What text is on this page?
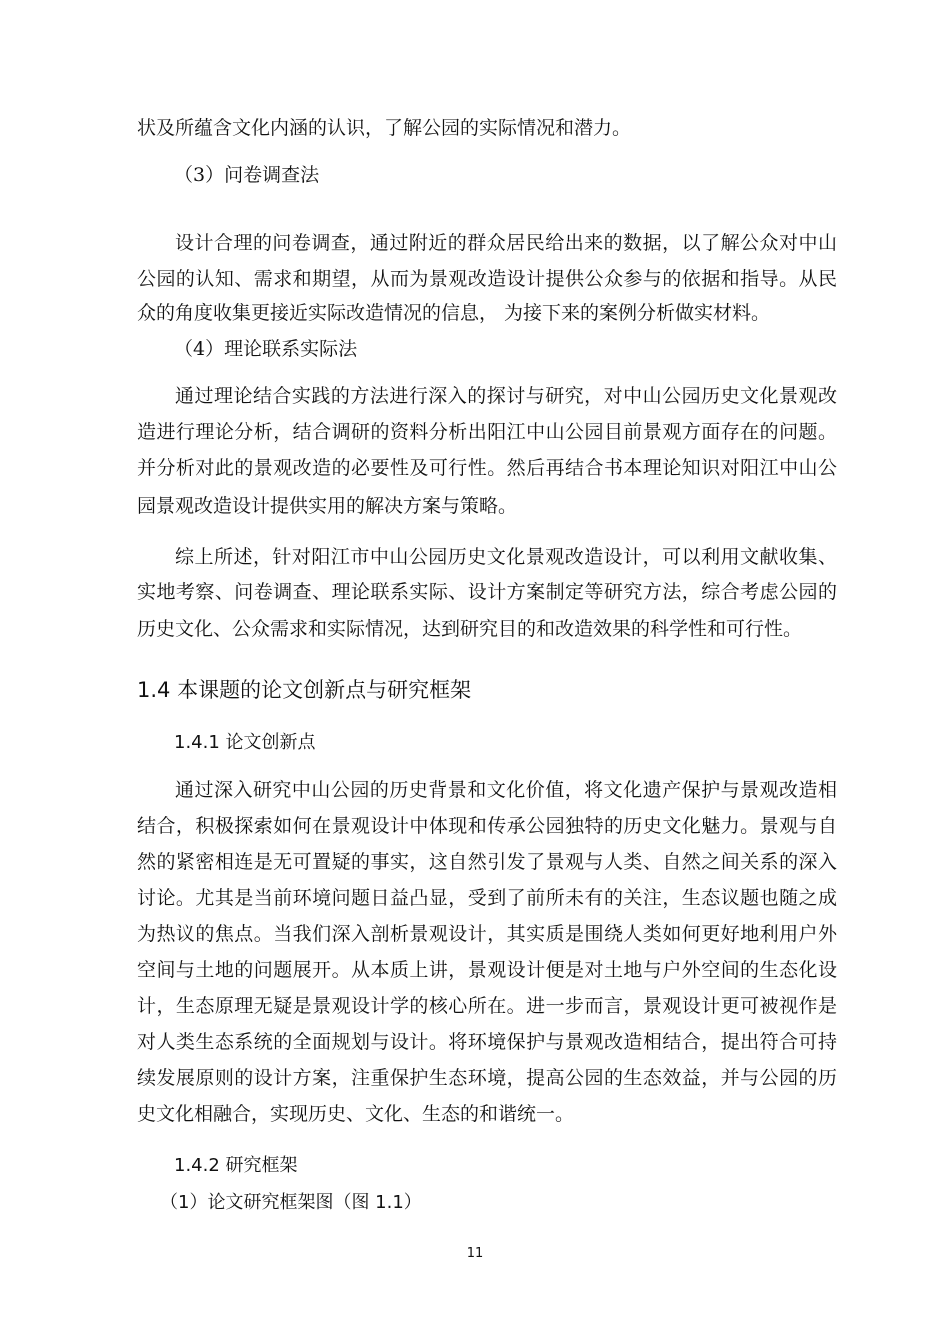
状及所蕴含文化内涵的认识，了解公园的实际情况和潜力。
（3）问卷调查法
设计合理的问卷调查，通过附近的群众居民给出来的数据，以了解公众对中山
公园的认知、需求和期望，从而为景观改造设计提供公众参与的依据和指导。从民
众的角度收集更接近实际改造情况的信息， 为接下来的案例分析做实材料。
（4）理论联系实际法
通过理论结合实践的方法进行深入的探讨与研究，对中山公园历史文化景观改
造进行理论分析，结合调研的资料分析出阳江中山公园目前景观方面存在的问题。
并分析对此的景观改造的必要性及可行性。然后再结合书本理论知识对阳江中山公
园景观改造设计提供实用的解决方案与策略。
综上所述，针对阳江市中山公园历史文化景观改造设计，可以利用文献收集、
实地考察、问卷调查、理论联系实际、设计方案制定等研究方法，综合考虑公园的
历史文化、公众需求和实际情况，达到研究目的和改造效果的科学性和可行性。
1.4 本课题的论文创新点与研究框架
1.4.1 论文创新点
通过深入研究中山公园的历史背景和文化价值，将文化遗产保护与景观改造相
结合，积极探索如何在景观设计中体现和传承公园独特的历史文化魅力。景观与自
然的紧密相连是无可置疑的事实，这自然引发了景观与人类、自然之间关系的深入
讨论。尤其是当前环境问题日益凸显，受到了前所未有的关注，生态议题也随之成
为热议的焦点。当我们深入剖析景观设计，其实质是围绕人类如何更好地利用户外
空间与土地的问题展开。从本质上讲，景观设计便是对土地与户外空间的生态化设
计，生态原理无疑是景观设计学的核心所在。进一步而言，景观设计更可被视作是
对人类生态系统的全面规划与设计。将环境保护与景观改造相结合，提出符合可持
续发展原则的设计方案，注重保护生态环境，提高公园的生态效益，并与公园的历
史文化相融合，实现历史、文化、生态的和谐统一。
1.4.2 研究框架
（1）论文研究框架图（图 1.1）
11
